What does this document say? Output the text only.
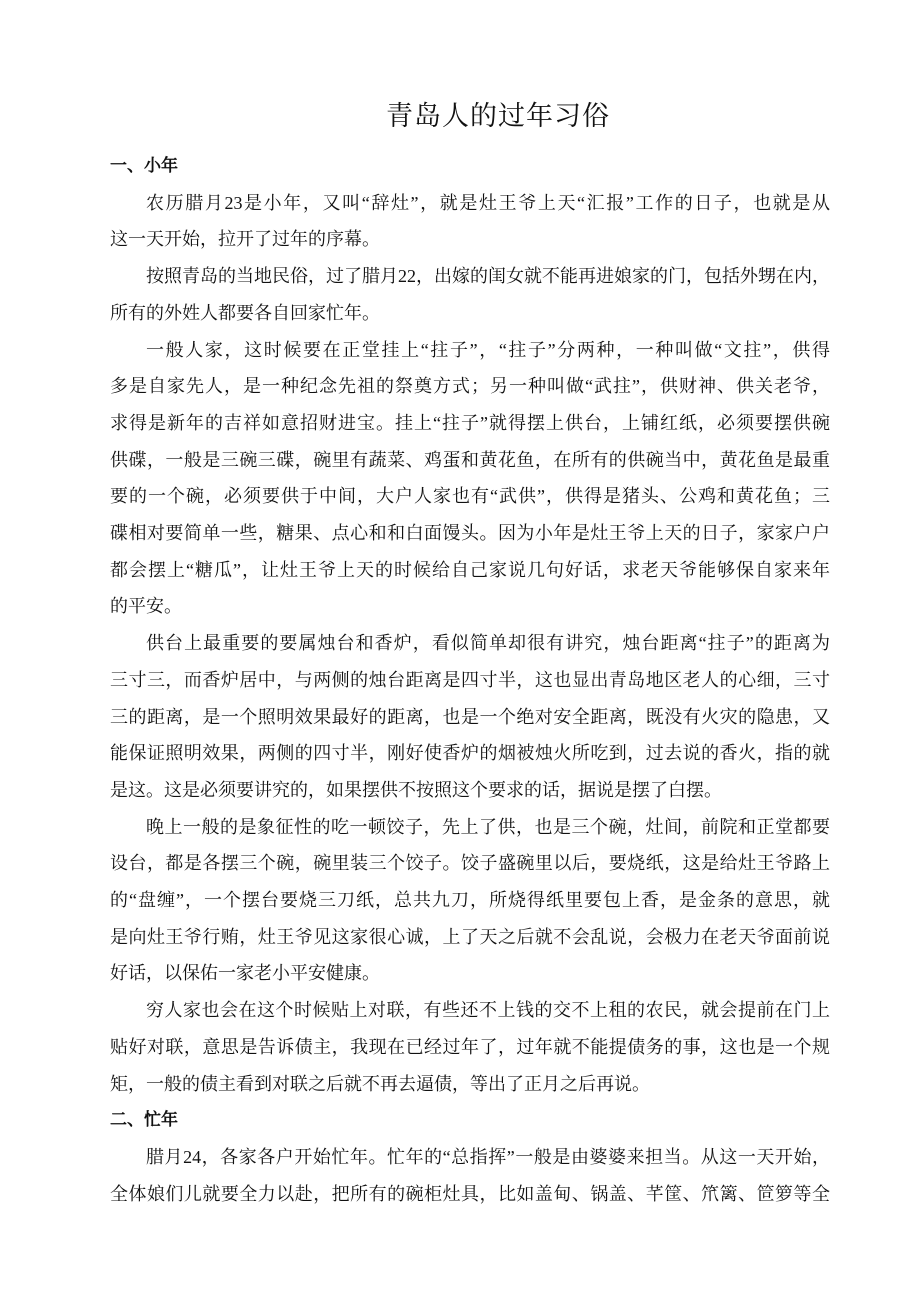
青岛人的过年习俗
一、小年
农历腊月23是小年，又叫“辞灶”，就是灶王爷上天“汇报”工作的日子，也就是从
这一天开始，拉开了过年的序幕。
按照青岛的当地民俗，过了腊月22，出嫁的闺女就不能再进娘家的门，包括外甥在内，
所有的外姓人都要各自回家忙年。
一般人家，这时候要在正堂挂上“拄子”，“拄子”分两种，一种叫做“文拄”，供得
多是自家先人，是一种纪念先祖的祭奠方式；另一种叫做“武拄”，供财神、供关老爷，
求得是新年的吉祥如意招财进宝。挂上“拄子”就得摆上供台，上铺红纸，必须要摆供碗
供碟，一般是三碗三碟，碗里有蔬菜、鸡蛋和黄花鱼，在所有的供碗当中，黄花鱼是最重
要的一个碗，必须要供于中间，大户人家也有“武供”，供得是猪头、公鸡和黄花鱼；三
碟相对要简单一些，糖果、点心和和白面馒头。因为小年是灶王爷上天的日子，家家户户
都会摆上“糖瓜”，让灶王爷上天的时候给自己家说几句好话，求老天爷能够保自家来年
的平安。
供台上最重要的要属烛台和香炉，看似简单却很有讲究，烛台距离“拄子”的距离为
三寸三，而香炉居中，与两侧的烛台距离是四寸半，这也显出青岛地区老人的心细，三寸
三的距离，是一个照明效果最好的距离，也是一个绝对安全距离，既没有火灾的隐患，又
能保证照明效果，两侧的四寸半，刚好使香炉的烟被烛火所吃到，过去说的香火，指的就
是这。这是必须要讲究的，如果摆供不按照这个要求的话，据说是摆了白摆。
晚上一般的是象征性的吃一顿饺子，先上了供，也是三个碗，灶间，前院和正堂都要
设台，都是各摆三个碗，碗里装三个饺子。饺子盛碗里以后，要烧纸，这是给灶王爷路上
的“盘缠”，一个摆台要烧三刀纸，总共九刀，所烧得纸里要包上香，是金条的意思，就
是向灶王爷行贿，灶王爷见这家很心诚，上了天之后就不会乱说，会极力在老天爷面前说
好话，以保佑一家老小平安健康。
穷人家也会在这个时候贴上对联，有些还不上钱的交不上租的农民，就会提前在门上
贴好对联，意思是告诉债主，我现在已经过年了，过年就不能提债务的事，这也是一个规
矩，一般的债主看到对联之后就不再去逼债，等出了正月之后再说。
二、忙年
腊月24，各家各户开始忙年。忙年的“总指挥”一般是由婆婆来担当。从这一天开始，
全体娘们儿就要全力以赴，把所有的碗柜灶具，比如盖甸、锅盖、芊筐、笊篱、笸箩等全
